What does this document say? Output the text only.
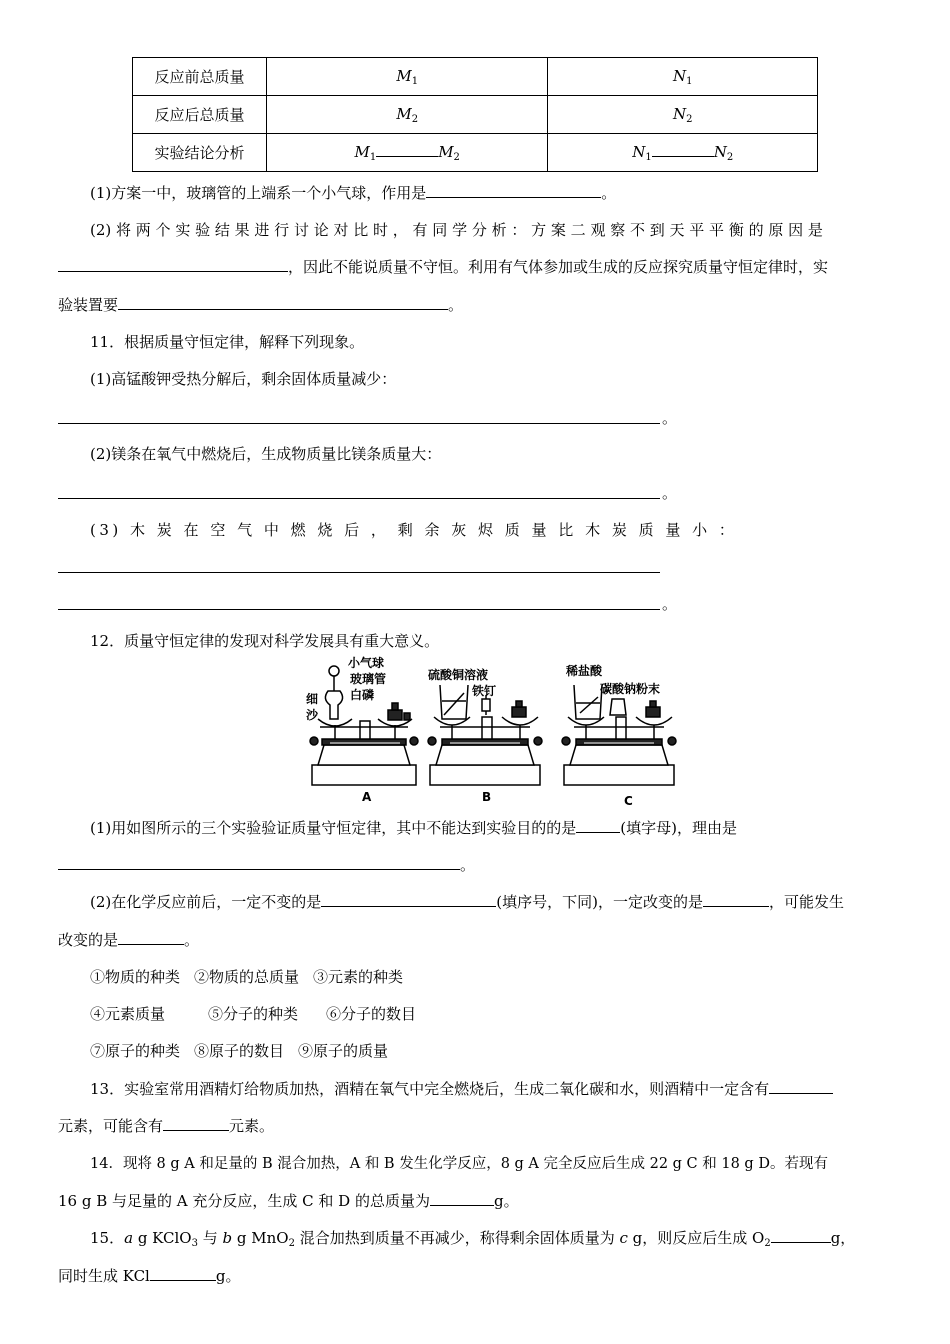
反应前总质量	$M_1$	$N_1$
反应后总质量	$M_2$	$N_2$
实验结论分析	$M_1$ $M_2$	$N_1$ $N_2$
(1)方案一中，玻璃管的上端系一个小气球，作用是	。
(2) 将 两 个 实 验 结 果 进 行 讨 论 对 比 时 ， 有 同 学 分 析 ： 方 案 二 观 察 不 到 天 平 平 衡 的 原 因 是
，因此不能说质量不守恒。利用有气体参加或生成的反应探究质量守恒定律时，实
验装置要	。
11．根据质量守恒定律，解释下列现象。
(1)高锰酸钾受热分解后，剩余固体质量减少：
。
(2)镁条在氧气中燃烧后，生成物质量比镁条质量大：
。
(3) 木 炭 在 空 气 中 燃 烧 后 ， 剩 余 灰 烬 质 量 比 木 炭 质 量 小 ：
。
12．质量守恒定律的发现对科学发展具有重大意义。
小气球
玻璃管
白磷
细
沙
硫酸铜溶液
铁钉
稀盐酸
碳酸钠粉末
A	B	C
(1)用如图所示的三个实验验证质量守恒定律，其中不能达到实验目的的是	(填字母)，理由是
。
(2)在化学反应前后，一定不变的是	(填序号，下同)，一定改变的是	，可能发生
改变的是	。
①物质的种类 ②物质的总质量 ③元素的种类
④元素质量	⑤分子的种类 ⑥分子的数目
⑦原子的种类 ⑧原子的数目 ⑨原子的质量
13．实验室常用酒精灯给物质加热，酒精在氧气中完全燃烧后，生成二氧化碳和水，则酒精中一定含有
元素，可能含有	元素。
14．现将 8 g A 和足量的 B 混合加热，A 和 B 发生化学反应，8 g A 完全反应后生成 22 g C 和 18 g D。若现有
16 g B 与足量的 A 充分反应，生成 C 和 D 的总质量为	g。
15．a g KClO$_3$ 与 b g MnO$_2$ 混合加热到质量不再减少，称得剩余固体质量为 c g，则反应后生成 $O_2$	g，
同时生成 KCl	g。
